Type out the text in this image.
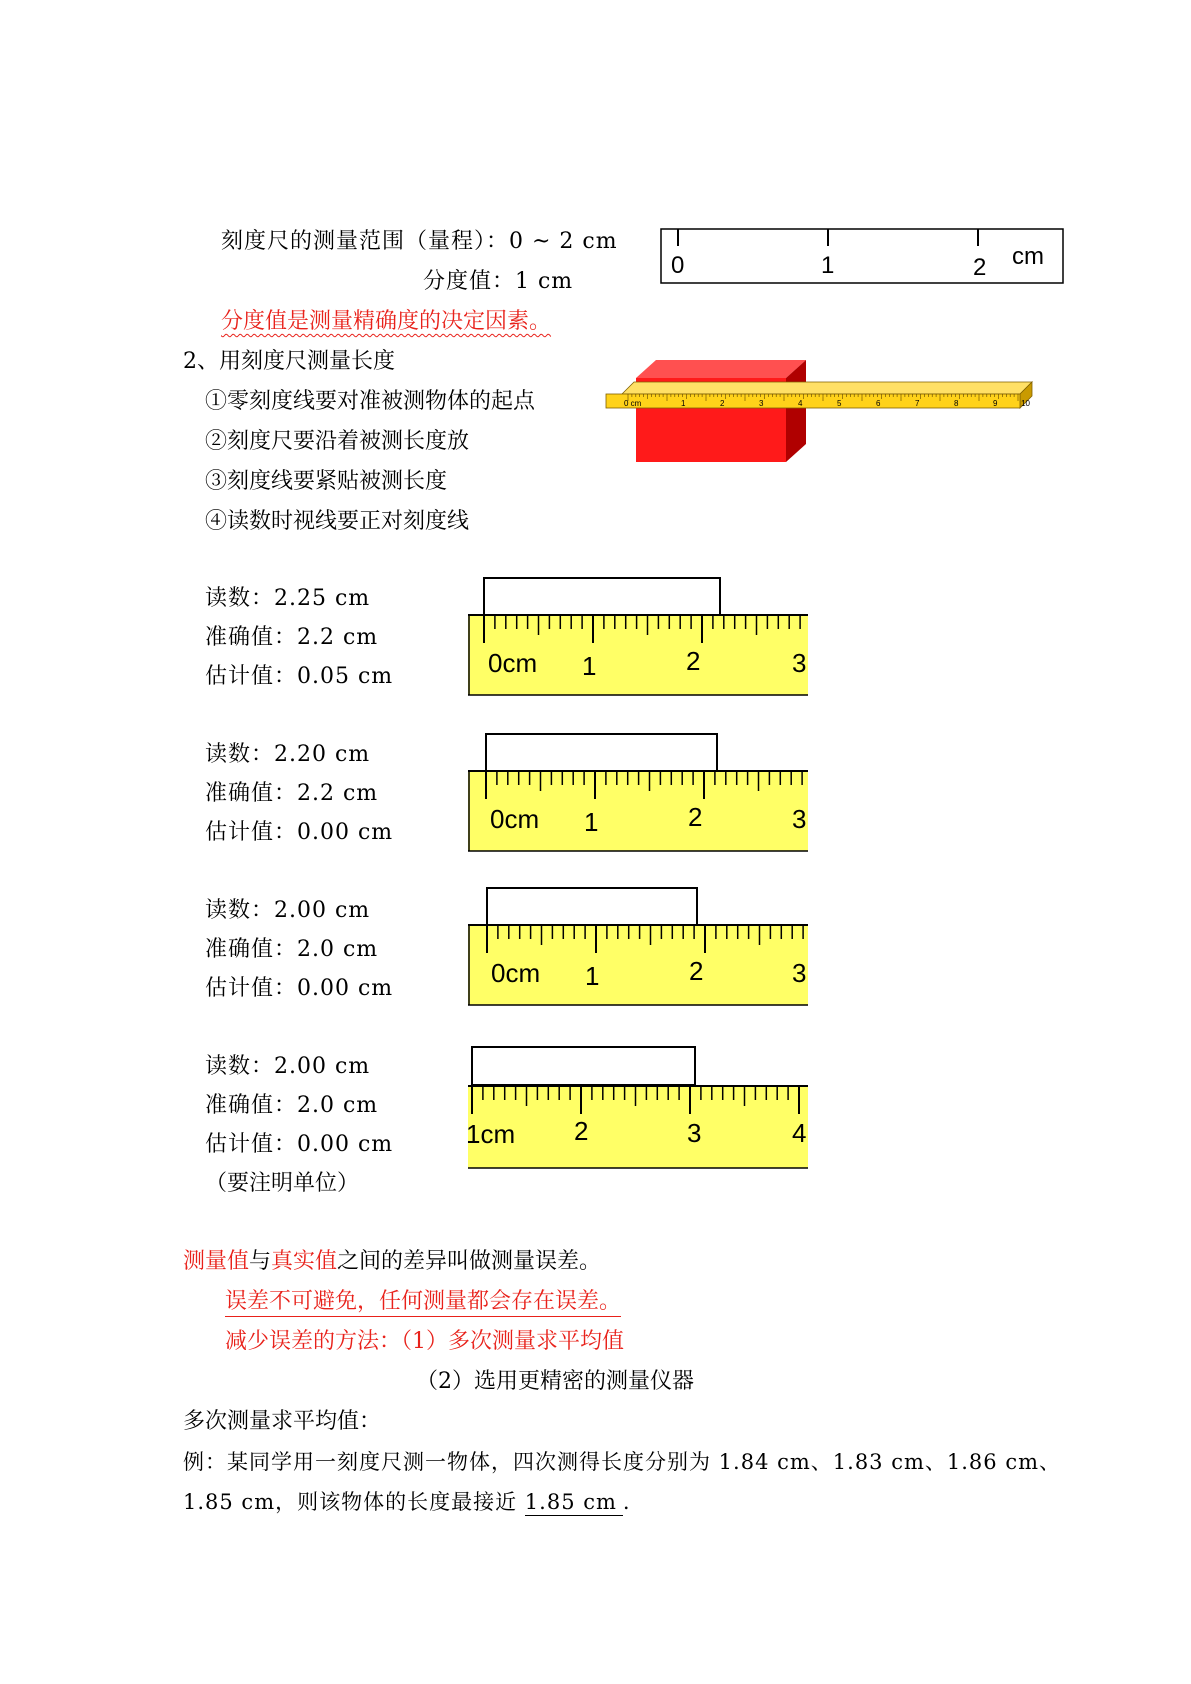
刻度尺的测量范围（量程）：0 ~ 2 cm
分度值：1 cm
分度值是测量精确度的决定因素。
0	1	2 cm
2、用刻度尺测量长度
①零刻度线要对准被测物体的起点
②刻度尺要沿着被测长度放
③刻度线要紧贴被测长度
④读数时视线要正对刻度线
0 cm	1	2	3	4	5	6	7	8	9	10
读数：2.25 cm
准确值：2.2 cm
估计值：0.05 cm	0cm 1	2	3
读数：2.20 cm
准确值：2.2 cm
估计值：0.00 cm	0cm 1	2	3
读数：2.00 cm
准确值：2.0 cm
估计值：0.00 cm
0cm 1	2	3
读数：2.00 cm
准确值：2.0 cm
估计值：0.00 cm
（要注明单位）
1cm 2	3	4
测量值与真实值之间的差异叫做测量误差。
误差不可避免，任何测量都会存在误差。
减少误差的方法：（1）多次测量求平均值
（2）选用更精密的测量仪器
多次测量求平均值：
例：某同学用一刻度尺测一物体，四次测得长度分别为 1.84 cm、1.83 cm、1.86 cm、
1.85 cm，则该物体的长度最接近 1.85 cm .
